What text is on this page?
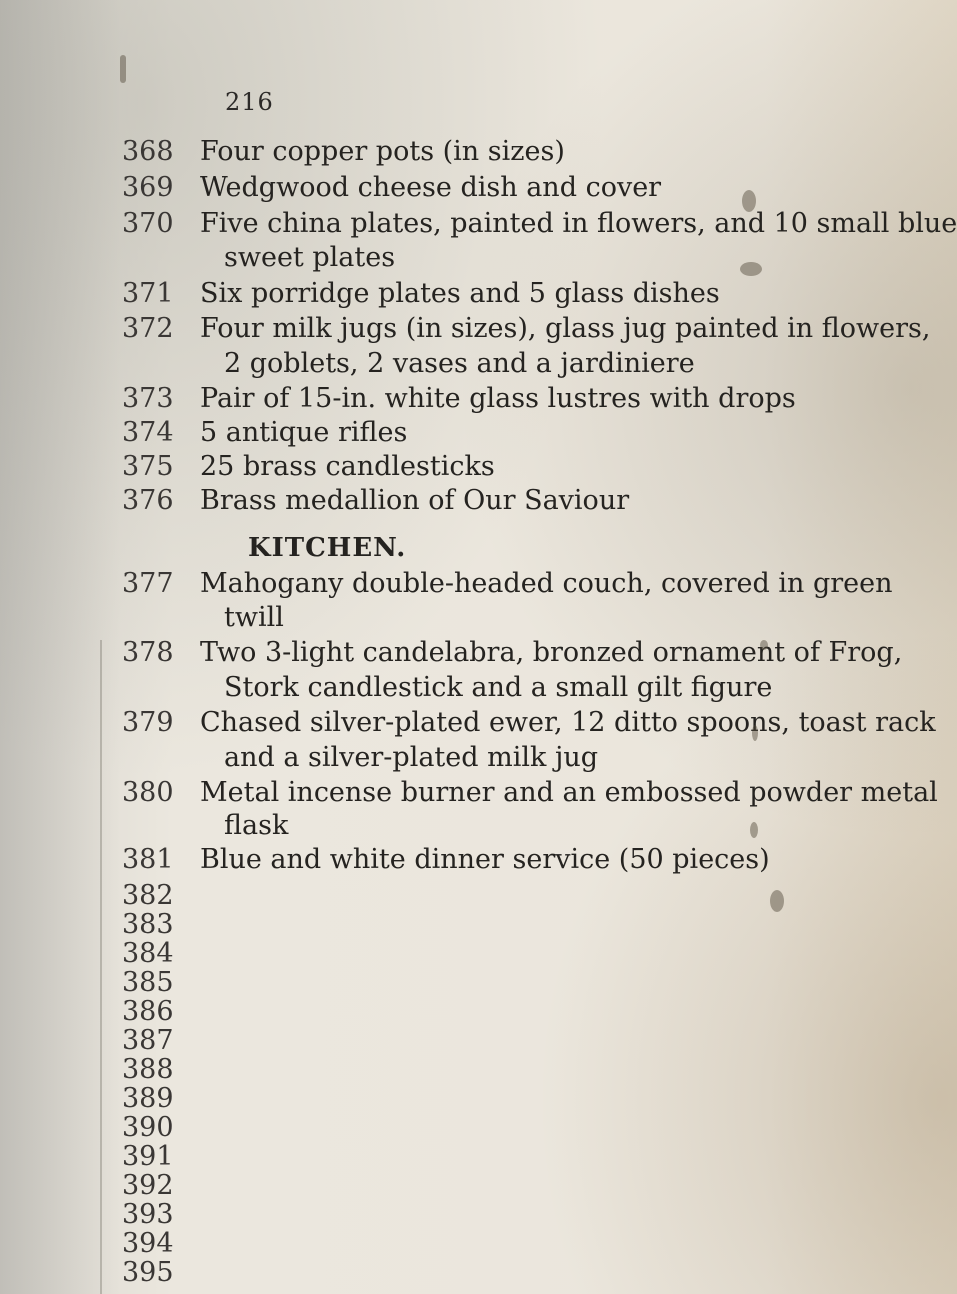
216
368 Four copper pots (in sizes)
369 Wedgwood cheese dish and cover
370 Five china plates, painted in flowers, and 10 small blue
sweet plates
371 Six porridge plates and 5 glass dishes
372 Four milk jugs (in sizes), glass jug painted in flowers,
2 goblets, 2 vases and a jardiniere
373 Pair of 15-in. white glass lustres with drops
374 5 antique rifles
375 25 brass candlesticks
376 Brass medallion of Our Saviour
KITCHEN.
377 Mahogany double-headed couch, covered in green
twill
378 Two 3-light candelabra, bronzed ornament of Frog,
Stork candlestick and a small gilt figure
379 Chased silver-plated ewer, 12 ditto spoons, toast rack
and a silver-plated milk jug
380 Metal incense burner and an embossed powder metal
flask
381 Blue and white dinner service (50 pieces)
382
383
384
385
386
387
388
389
390
391
392
393
394
395
